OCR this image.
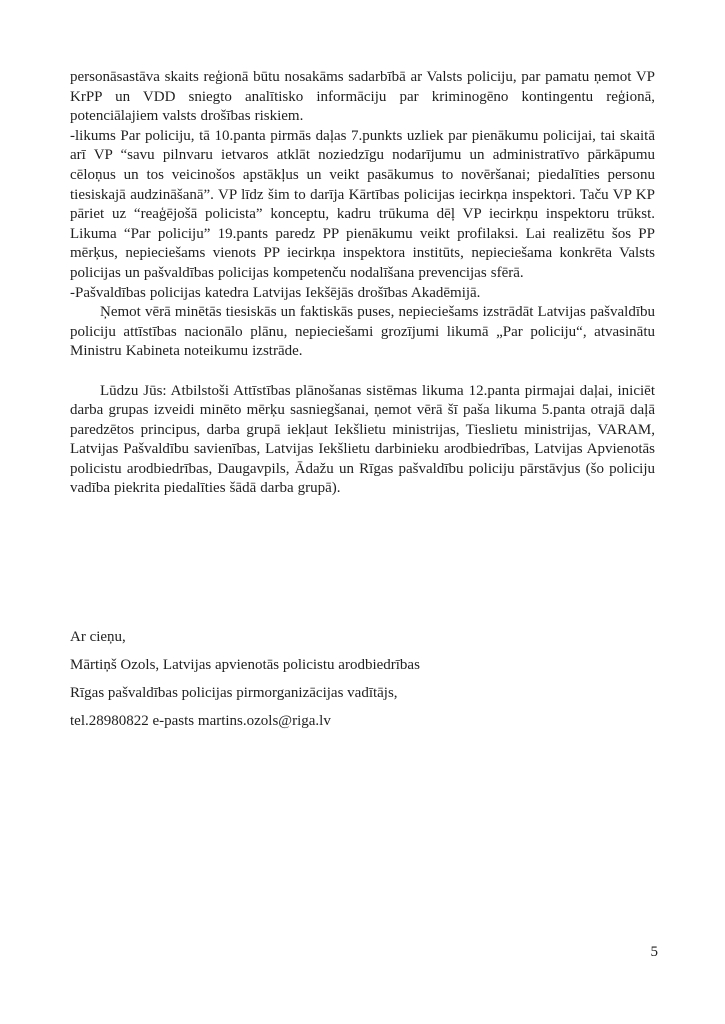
personāsastāva skaits reģionā būtu nosakāms sadarbībā ar Valsts policiju, par pamatu ņemot VP KrPP un VDD sniegto analītisko informāciju par kriminogēno kontingentu reģionā, potenciālajiem valsts drošības riskiem.

-likums Par policiju, tā 10.panta pirmās daļas 7.punkts uzliek par pienākumu policijai, tai skaitā arī VP “savu pilnvaru ietvaros atklāt noziedzīgu nodarījumu un administratīvo pārkāpumu cēloņus un tos veicinošos apstākļus un veikt pasākumus to novēršanai; piedalīties personu tiesiskajā audzināšanā”. VP līdz šim to darīja Kārtības policijas iecirkņa inspektori. Taču VP KP pāriet uz “reaģējošā policista” konceptu, kadru trūkuma dēļ VP iecirkņu inspektoru trūkst. Likuma “Par policiju” 19.pants paredz PP pienākumu veikt profilaksi. Lai realizētu šos PP mērķus, nepieciešams vienots PP iecirkņa inspektora institūts, nepieciešama konkrēta Valsts policijas un pašvaldības policijas kompetenču nodalīšana prevencijas sfērā.

-Pašvaldības policijas katedra Latvijas Iekšējās drošības Akadēmijā.

Ņemot vērā minētās tiesiskās un faktiskās puses, nepieciešams izstrādāt Latvijas pašvaldību policiju attīstības nacionālo plānu, nepieciešami grozījumi likumā „Par policiju“, atvasinātu Ministru Kabineta noteikumu izstrāde.

Lūdzu Jūs: Atbilstoši Attīstības plānošanas sistēmas likuma 12.panta pirmajai daļai, iniciēt darba grupas izveidi minēto mērķu sasniegšanai, ņemot vērā šī paša likuma 5.panta otrajā daļā paredzētos principus, darba grupā iekļaut Iekšlietu ministrijas, Tieslietu ministrijas, VARAM, Latvijas Pašvaldību savienības, Latvijas Iekšlietu darbinieku arodbiedrības, Latvijas Apvienotās policistu arodbiedrības, Daugavpils, Ādažu un Rīgas pašvaldību policiju pārstāvjus (šo policiju vadība piekrita piedalīties šādā darba grupā).

Ar cieņu,

Mārtiņš Ozols, Latvijas apvienotās policistu arodbiedrības

Rīgas pašvaldības policijas pirmorganizācijas vadītājs,

tel.28980822 e-pasts martins.ozols@riga.lv

5
